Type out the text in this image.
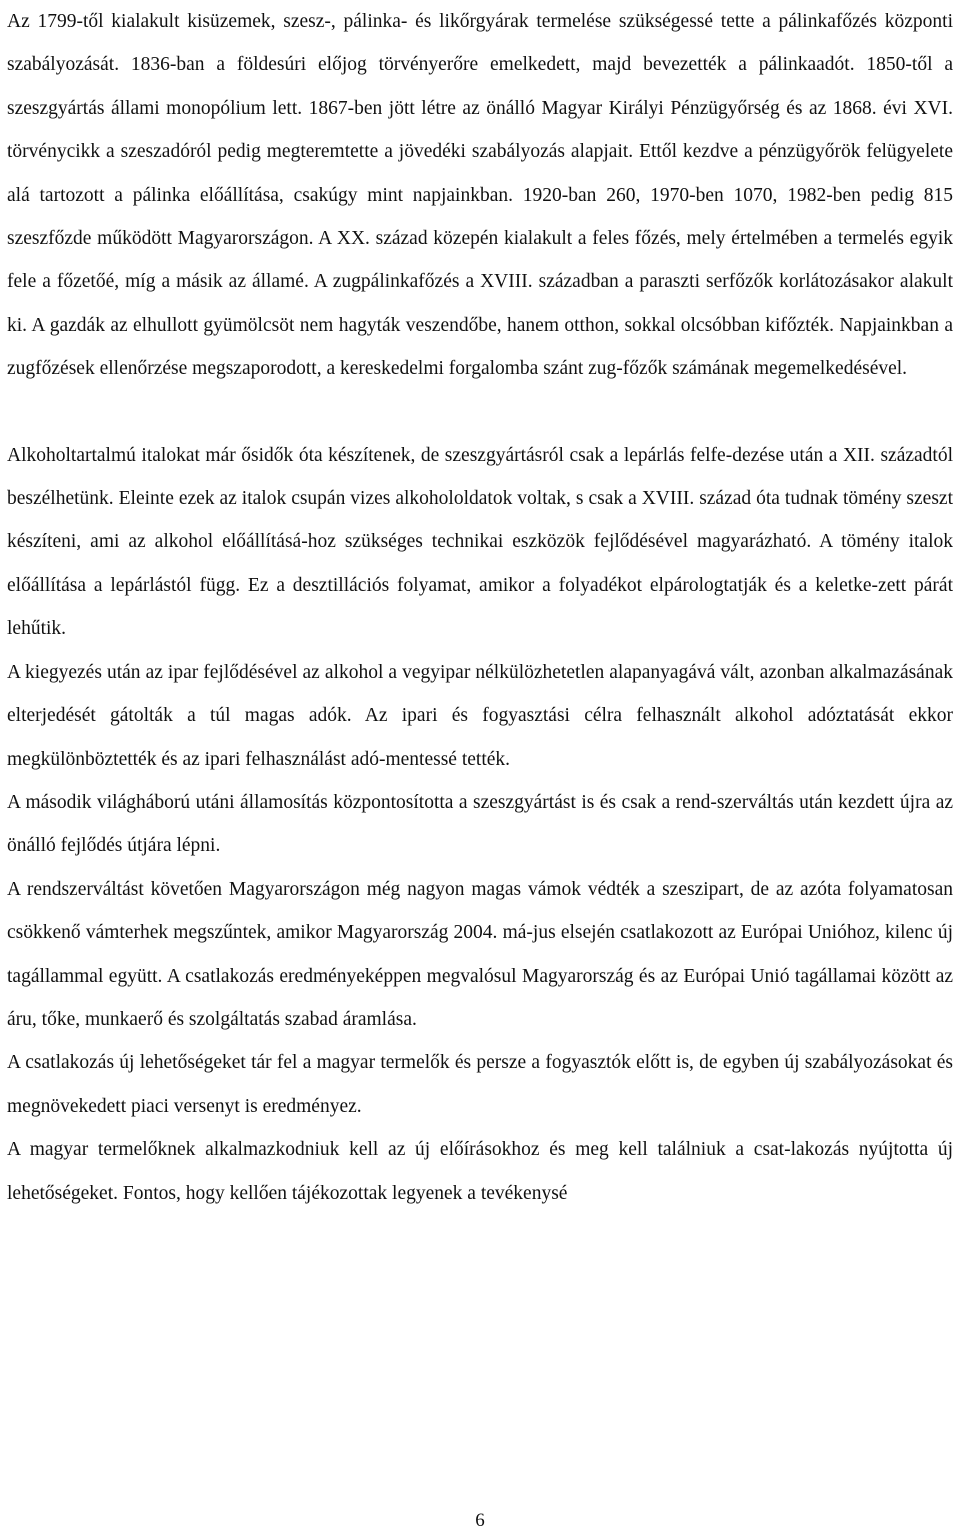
Az 1799-től kialakult kisüzemek, szesz-, pálinka- és likőrgyárak termelése szükségessé tette a pálinkafőzés központi szabályozását. 1836-ban a földesúri előjog törvényerőre emelkedett, majd bevezették a pálinkaadót. 1850-től a szeszgyártás állami monopólium lett. 1867-ben jött létre az önálló Magyar Királyi Pénzügyőrség és az 1868. évi XVI. törvénycikk a szeszadóról pedig megteremtette a jövedéki szabályozás alapjait. Ettől kezdve a pénzügyőrök felügyelete alá tartozott a pálinka előállítása, csakúgy mint napjainkban. 1920-ban 260, 1970-ben 1070, 1982-ben pedig 815 szeszfőzde működött Magyarországon. A XX. század közepén kialakult a feles főzés, mely értelmében a termelés egyik fele a főzetőé, míg a másik az államé. A zugpálinkafőzés a XVIII. században a paraszti serfőzők korlátozásakor alakult ki. A gazdák az elhullott gyümölcsöt nem hagyták veszendőbe, hanem otthon, sokkal olcsóbban kifőzték. Napjainkban a zugfőzések ellenőrzése megszaporodott, a kereskedelmi forgalomba szánt zug-főzők számának megemelkedésével.

Alkoholtartalmú italokat már ősidők óta készítenek, de szeszgyártásról csak a lepárlás felfe-dezése után a XII. századtól beszélhetünk. Eleinte ezek az italok csupán vizes alkohololdatok voltak, s csak a XVIII. század óta tudnak tömény szeszt készíteni, ami az alkohol előállításá-hoz szükséges technikai eszközök fejlődésével magyarázható. A tömény italok előállítása a lepárlástól függ. Ez a desztillációs folyamat, amikor a folyadékot elpárologtatják és a keletke-zett párát lehűtik.

A kiegyezés után az ipar fejlődésével az alkohol a vegyipar nélkülözhetetlen alapanyagává vált, azonban alkalmazásának elterjedését gátolták a túl magas adók. Az ipari és fogyasztási célra felhasznált alkohol adóztatását ekkor megkülönböztették és az ipari felhasználást adó-mentessé tették.

A második világháború utáni államosítás központosította a szeszgyártást is és csak a rend-szerváltás után kezdett újra az önálló fejlődés útjára lépni.

A rendszerváltást követően Magyarországon még nagyon magas vámok védték a szeszipart, de az azóta folyamatosan csökkenő vámterhek megszűntek, amikor Magyarország 2004. má-jus elsején csatlakozott az Európai Unióhoz, kilenc új tagállammal együtt. A csatlakozás eredményeképpen megvalósul Magyarország és az Európai Unió tagállamai között az áru, tőke, munkaerő és szolgáltatás szabad áramlása.

A csatlakozás új lehetőségeket tár fel a magyar termelők és persze a fogyasztók előtt is, de egyben új szabályozásokat és megnövekedett piaci versenyt is eredményez.

A magyar termelőknek alkalmazkodniuk kell az új előírásokhoz és meg kell találniuk a csat-lakozás nyújtotta új lehetőségeket. Fontos, hogy kellően tájékozottak legyenek a tevékenysé

6
